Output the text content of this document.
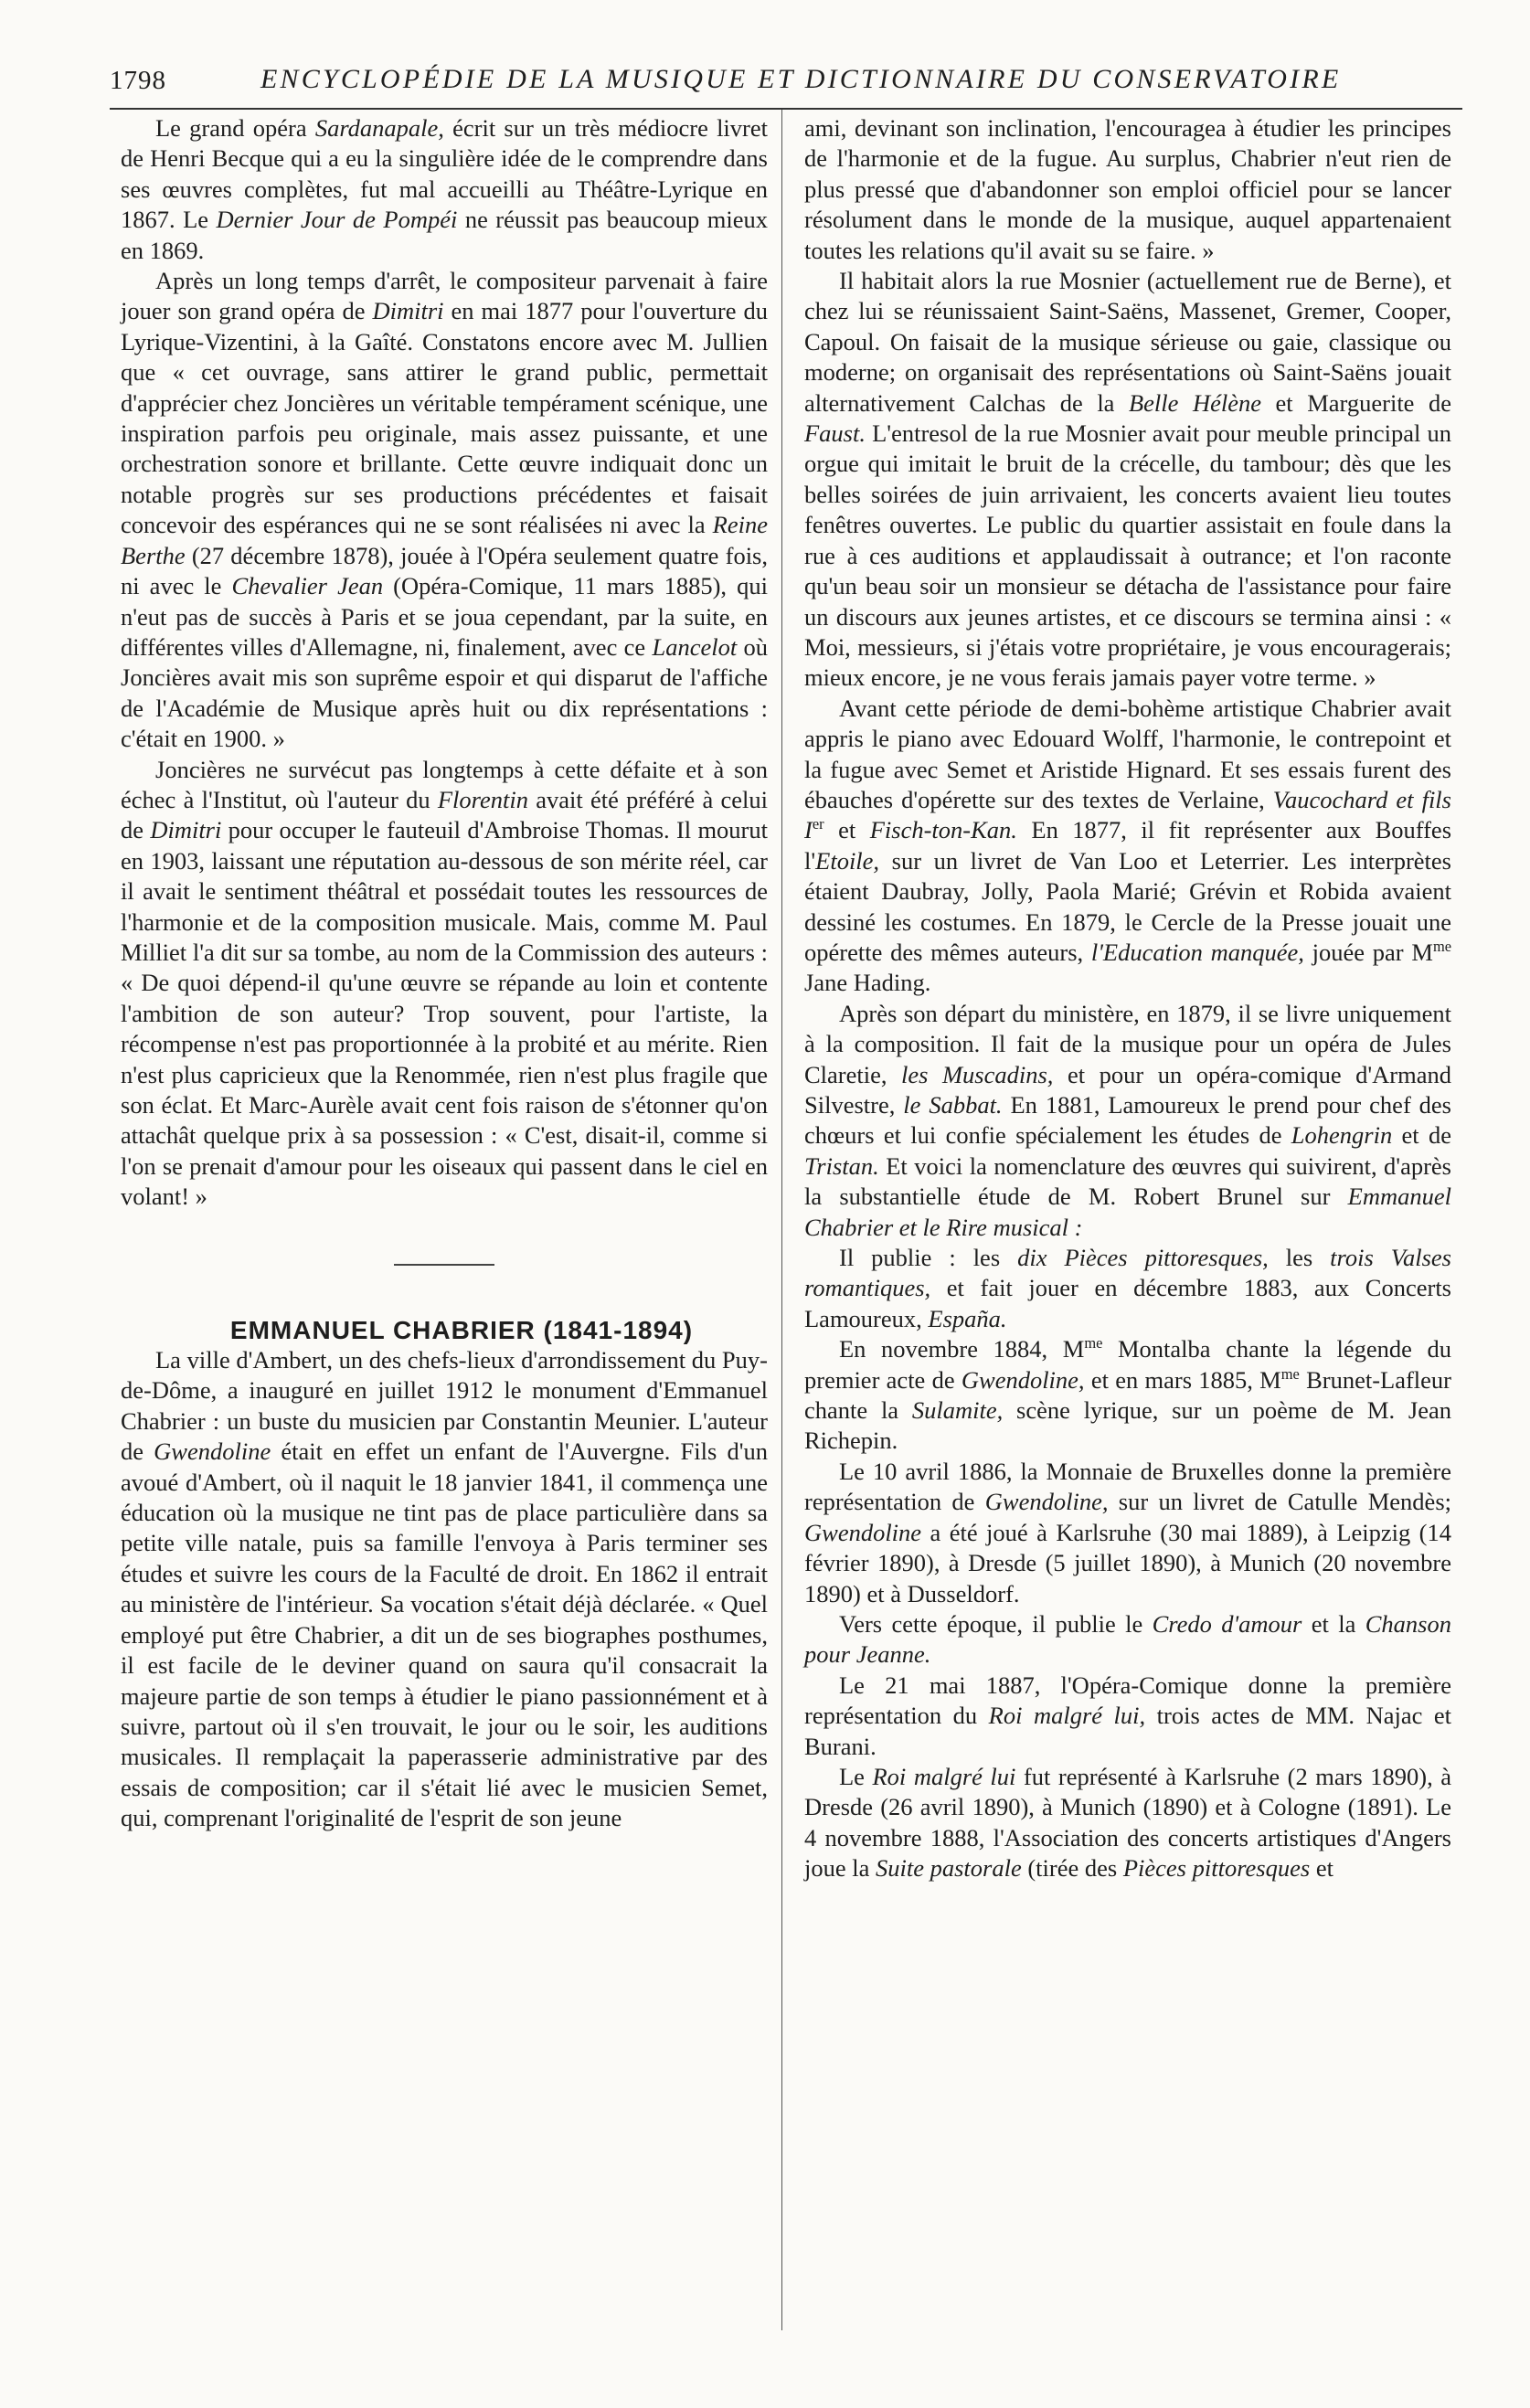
1798	ENCYCLOPÉDIE DE LA MUSIQUE ET DICTIONNAIRE DU CONSERVATOIRE

Le grand opéra Sardanapale, écrit sur un très médiocre livret de Henri Becque qui a eu la singulière idée de le comprendre dans ses œuvres complètes, fut mal accueilli au Théâtre-Lyrique en 1867. Le Dernier Jour de Pompéi ne réussit pas beaucoup mieux en 1869.

Après un long temps d'arrêt, le compositeur parvenait à faire jouer son grand opéra de Dimitri en mai 1877 pour l'ouverture du Lyrique-Vizentini, à la Gaîté. Constatons encore avec M. Jullien que « cet ouvrage, sans attirer le grand public, permettait d'apprécier chez Joncières un véritable tempérament scénique, une inspiration parfois peu originale, mais assez puissante, et une orchestration sonore et brillante. Cette œuvre indiquait donc un notable progrès sur ses productions précédentes et faisait concevoir des espérances qui ne se sont réalisées ni avec la Reine Berthe (27 décembre 1878), jouée à l'Opéra seulement quatre fois, ni avec le Chevalier Jean (Opéra-Comique, 11 mars 1885), qui n'eut pas de succès à Paris et se joua cependant, par la suite, en différentes villes d'Allemagne, ni, finalement, avec ce Lancelot où Joncières avait mis son suprême espoir et qui disparut de l'affiche de l'Académie de Musique après huit ou dix représentations : c'était en 1900. »

Joncières ne survécut pas longtemps à cette défaite et à son échec à l'Institut, où l'auteur du Florentin avait été préféré à celui de Dimitri pour occuper le fauteuil d'Ambroise Thomas. Il mourut en 1903, laissant une réputation au-dessous de son mérite réel, car il avait le sentiment théâtral et possédait toutes les ressources de l'harmonie et de la composition musicale. Mais, comme M. Paul Milliet l'a dit sur sa tombe, au nom de la Commission des auteurs : « De quoi dépend-il qu'une œuvre se répande au loin et contente l'ambition de son auteur? Trop souvent, pour l'artiste, la récompense n'est pas proportionnée à la probité et au mérite. Rien n'est plus capricieux que la Renommée, rien n'est plus fragile que son éclat. Et Marc-Aurèle avait cent fois raison de s'étonner qu'on attachât quelque prix à sa possession : « C'est, disait-il, comme si l'on se prenait d'amour pour les oiseaux qui passent dans le ciel en volant! »

EMMANUEL CHABRIER (1841-1894)

La ville d'Ambert, un des chefs-lieux d'arrondissement du Puy-de-Dôme, a inauguré en juillet 1912 le monument d'Emmanuel Chabrier : un buste du musicien par Constantin Meunier. L'auteur de Gwendoline était en effet un enfant de l'Auvergne. Fils d'un avoué d'Ambert, où il naquit le 18 janvier 1841, il commença une éducation où la musique ne tint pas de place particulière dans sa petite ville natale, puis sa famille l'envoya à Paris terminer ses études et suivre les cours de la Faculté de droit. En 1862 il entrait au ministère de l'intérieur. Sa vocation s'était déjà déclarée. « Quel employé put être Chabrier, a dit un de ses biographes posthumes, il est facile de le deviner quand on saura qu'il consacrait la majeure partie de son temps à étudier le piano passionnément et à suivre, partout où il s'en trouvait, le jour ou le soir, les auditions musicales. Il remplaçait la paperasserie administrative par des essais de composition; car il s'était lié avec le musicien Semet, qui, comprenant l'originalité de l'esprit de son jeune

ami, devinant son inclination, l'encouragea à étudier les principes de l'harmonie et de la fugue. Au surplus, Chabrier n'eut rien de plus pressé que d'abandonner son emploi officiel pour se lancer résolument dans le monde de la musique, auquel appartenaient toutes les relations qu'il avait su se faire. »

Il habitait alors la rue Mosnier (actuellement rue de Berne), et chez lui se réunissaient Saint-Saëns, Massenet, Gremer, Cooper, Capoul. On faisait de la musique sérieuse ou gaie, classique ou moderne; on organisait des représentations où Saint-Saëns jouait alternativement Calchas de la Belle Hélène et Marguerite de Faust. L'entresol de la rue Mosnier avait pour meuble principal un orgue qui imitait le bruit de la crécelle, du tambour; dès que les belles soirées de juin arrivaient, les concerts avaient lieu toutes fenêtres ouvertes. Le public du quartier assistait en foule dans la rue à ces auditions et applaudissait à outrance; et l'on raconte qu'un beau soir un monsieur se détacha de l'assistance pour faire un discours aux jeunes artistes, et ce discours se termina ainsi : « Moi, messieurs, si j'étais votre propriétaire, je vous encouragerais; mieux encore, je ne vous ferais jamais payer votre terme. »

Avant cette période de demi-bohème artistique Chabrier avait appris le piano avec Edouard Wolff, l'harmonie, le contrepoint et la fugue avec Semet et Aristide Hignard. Et ses essais furent des ébauches d'opérette sur des textes de Verlaine, Vaucochard et fils Ier et Fisch-ton-Kan. En 1877, il fit représenter aux Bouffes l'Etoile, sur un livret de Van Loo et Leterrier. Les interprètes étaient Daubray, Jolly, Paola Marié; Grévin et Robida avaient dessiné les costumes. En 1879, le Cercle de la Presse jouait une opérette des mêmes auteurs, l'Education manquée, jouée par $M^{me}$ Jane Hading.

Après son départ du ministère, en 1879, il se livre uniquement à la composition. Il fait de la musique pour un opéra de Jules Claretie, les Muscadins, et pour un opéra-comique d'Armand Silvestre, le Sabbat. En 1881, Lamoureux le prend pour chef des chœurs et lui confie spécialement les études de Lohengrin et de Tristan. Et voici la nomenclature des œuvres qui suivirent, d'après la substantielle étude de M. Robert Brunel sur Emmanuel Chabrier et le Rire musical :

Il publie : les dix Pièces pittoresques, les trois Valses romantiques, et fait jouer en décembre 1883, aux Concerts Lamoureux, España.

En novembre 1884, $M^{me}$ Montalba chante la légende du premier acte de Gwendoline, et en mars 1885, $M^{me}$ Brunet-Lafleur chante la Sulamite, scène lyrique, sur un poème de M. Jean Richepin.

Le 10 avril 1886, la Monnaie de Bruxelles donne la première représentation de Gwendoline, sur un livret de Catulle Mendès; Gwendoline a été joué à Karlsruhe (30 mai 1889), à Leipzig (14 février 1890), à Dresde (5 juillet 1890), à Munich (20 novembre 1890) et à Dusseldorf.

Vers cette époque, il publie le Credo d'amour et la Chanson pour Jeanne.

Le 21 mai 1887, l'Opéra-Comique donne la première représentation du Roi malgré lui, trois actes de MM. Najac et Burani.

Le Roi malgré lui fut représenté à Karlsruhe (2 mars 1890), à Dresde (26 avril 1890), à Munich (1890) et à Cologne (1891). Le 4 novembre 1888, l'Association des concerts artistiques d'Angers joue la Suite pastorale (tirée des Pièces pittoresques et
